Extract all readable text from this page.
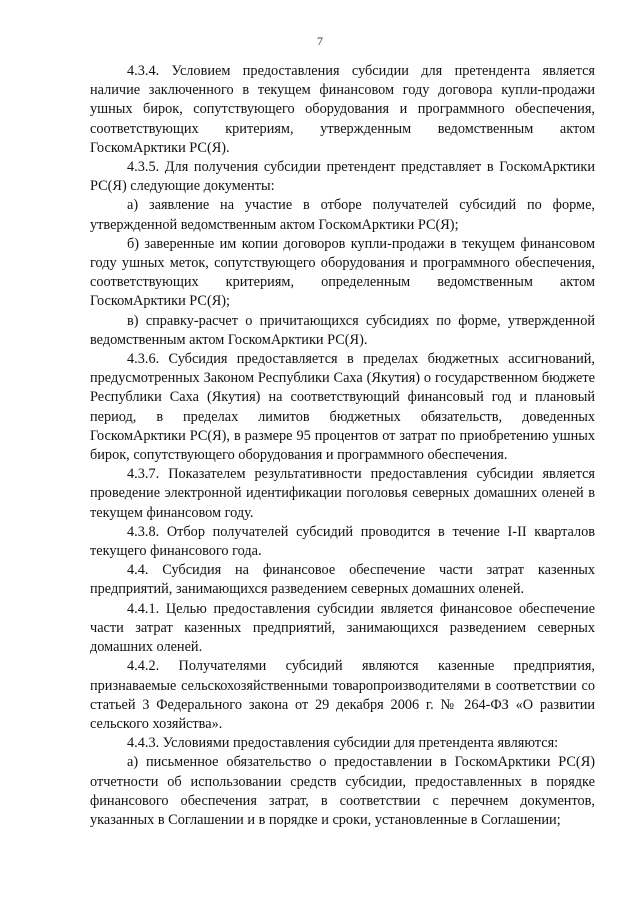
7

4.3.4. Условием предоставления субсидии для претендента является наличие заключенного в текущем финансовом году договора купли-продажи ушных бирок, сопутствующего оборудования и программного обеспечения, соответствующих критериям, утвержденным ведомственным актом ГоскомАрктики РС(Я).

4.3.5. Для получения субсидии претендент представляет в ГоскомАрктики РС(Я) следующие документы:

а) заявление на участие в отборе получателей субсидий по форме, утвержденной ведомственным актом ГоскомАрктики РС(Я);

б) заверенные им копии договоров купли-продажи в текущем финансовом году ушных меток, сопутствующего оборудования и программного обеспечения, соответствующих критериям, определенным ведомственным актом ГоскомАрктики РС(Я);

в) справку-расчет о причитающихся субсидиях по форме, утвержденной ведомственным актом ГоскомАрктики РС(Я).

4.3.6. Субсидия предоставляется в пределах бюджетных ассигнований, предусмотренных Законом Республики Саха (Якутия) о государственном бюджете Республики Саха (Якутия) на соответствующий финансовый год и плановый период, в пределах лимитов бюджетных обязательств, доведенных ГоскомАрктики РС(Я), в размере 95 процентов от затрат по приобретению ушных бирок, сопутствующего оборудования и программного обеспечения.

4.3.7. Показателем результативности предоставления субсидии является проведение электронной идентификации поголовья северных домашних оленей в текущем финансовом году.

4.3.8. Отбор получателей субсидий проводится в течение I-II кварталов текущего финансового года.

4.4. Субсидия на финансовое обеспечение части затрат казенных предприятий, занимающихся разведением северных домашних оленей.

4.4.1. Целью предоставления субсидии является финансовое обеспечение части затрат казенных предприятий, занимающихся разведением северных домашних оленей.

4.4.2. Получателями субсидий являются казенные предприятия, признаваемые сельскохозяйственными товаропроизводителями в соответствии со статьей 3 Федерального закона от 29 декабря 2006 г. № 264-ФЗ «О развитии сельского хозяйства».

4.4.3. Условиями предоставления субсидии для претендента являются:

а) письменное обязательство о предоставлении в ГоскомАрктики РС(Я) отчетности об использовании средств субсидии, предоставленных в порядке финансового обеспечения затрат, в соответствии с перечнем документов, указанных в Соглашении и в порядке и сроки, установленные в Соглашении;
